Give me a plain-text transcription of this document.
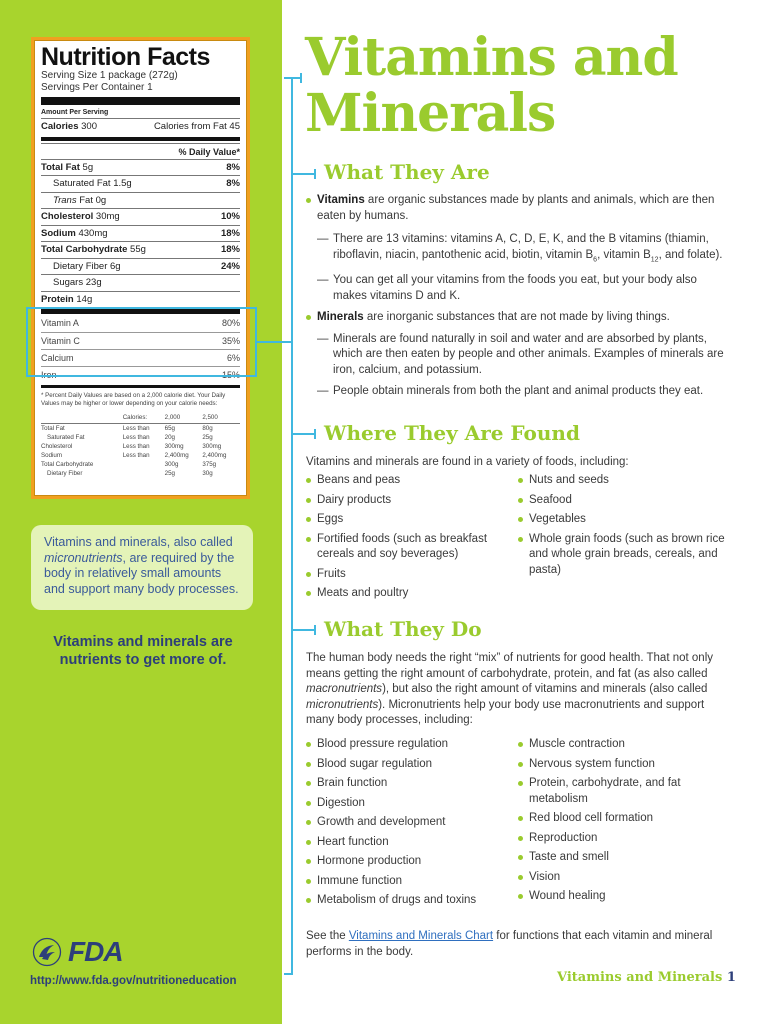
Nutrition Facts
Serving Size 1 package (272g)
Servings Per Container 1
Amount Per Serving
Calories 300	Calories from Fat 45
% Daily Value*
Total Fat 5g	8%
Saturated Fat 1.5g	8%
Trans Fat 0g
Cholesterol 30mg	10%
Sodium 430mg	18%
Total Carbohydrate 55g	18%
Dietary Fiber 6g	24%
Sugars 23g
Protein 14g
Vitamin A	80%
Vitamin C	35%
Calcium	6%
Iron	15%
* Percent Daily Values are based on a 2,000 calorie diet. Your Daily Values may be higher or lower depending on your calorie needs:
	Calories:	2,000	2,500
Total Fat	Less than	65g	80g
Saturated Fat	Less than	20g	25g
Cholesterol	Less than	300mg	300mg
Sodium	Less than	2,400mg	2,400mg
Total Carbohydrate		300g	375g
Dietary Fiber		25g	30g
Vitamins and minerals, also called micronutrients, are required by the body in relatively small amounts and support many body processes.
Vitamins and minerals are nutrients to get more of.
FDA
http://www.fda.gov/nutritioneducation
Vitamins and
Minerals
What They Are
Vitamins are organic substances made by plants and animals, which are then eaten by humans.
— There are 13 vitamins: vitamins A, C, D, E, K, and the B vitamins (thiamin, riboflavin, niacin, pantothenic acid, biotin, vitamin $B_6$, vitamin $B_{12}$, and folate).
— You can get all your vitamins from the foods you eat, but your body also makes vitamins D and K.
Minerals are inorganic substances that are not made by living things.
— Minerals are found naturally in soil and water and are absorbed by plants, which are then eaten by people and other animals. Examples of minerals are iron, calcium, and potassium.
— People obtain minerals from both the plant and animal products they eat.
Where They Are Found
Vitamins and minerals are found in a variety of foods, including:
Beans and peas
Dairy products
Eggs
Fortified foods (such as breakfast cereals and soy beverages)
Fruits
Meats and poultry
Nuts and seeds
Seafood
Vegetables
Whole grain foods (such as brown rice and whole grain breads, cereals, and pasta)
What They Do
The human body needs the right “mix” of nutrients for good health. That not only means getting the right amount of carbohydrate, protein, and fat (as also called macronutrients), but also the right amount of vitamins and minerals (also called micronutrients). Micronutrients help your body use macronutrients and support many body processes, including:
Blood pressure regulation
Blood sugar regulation
Brain function
Digestion
Growth and development
Heart function
Hormone production
Immune function
Metabolism of drugs and toxins
Muscle contraction
Nervous system function
Protein, carbohydrate, and fat metabolism
Red blood cell formation
Reproduction
Taste and smell
Vision
Wound healing
See the Vitamins and Minerals Chart for functions that each vitamin and mineral performs in the body.
Vitamins and Minerals 1
